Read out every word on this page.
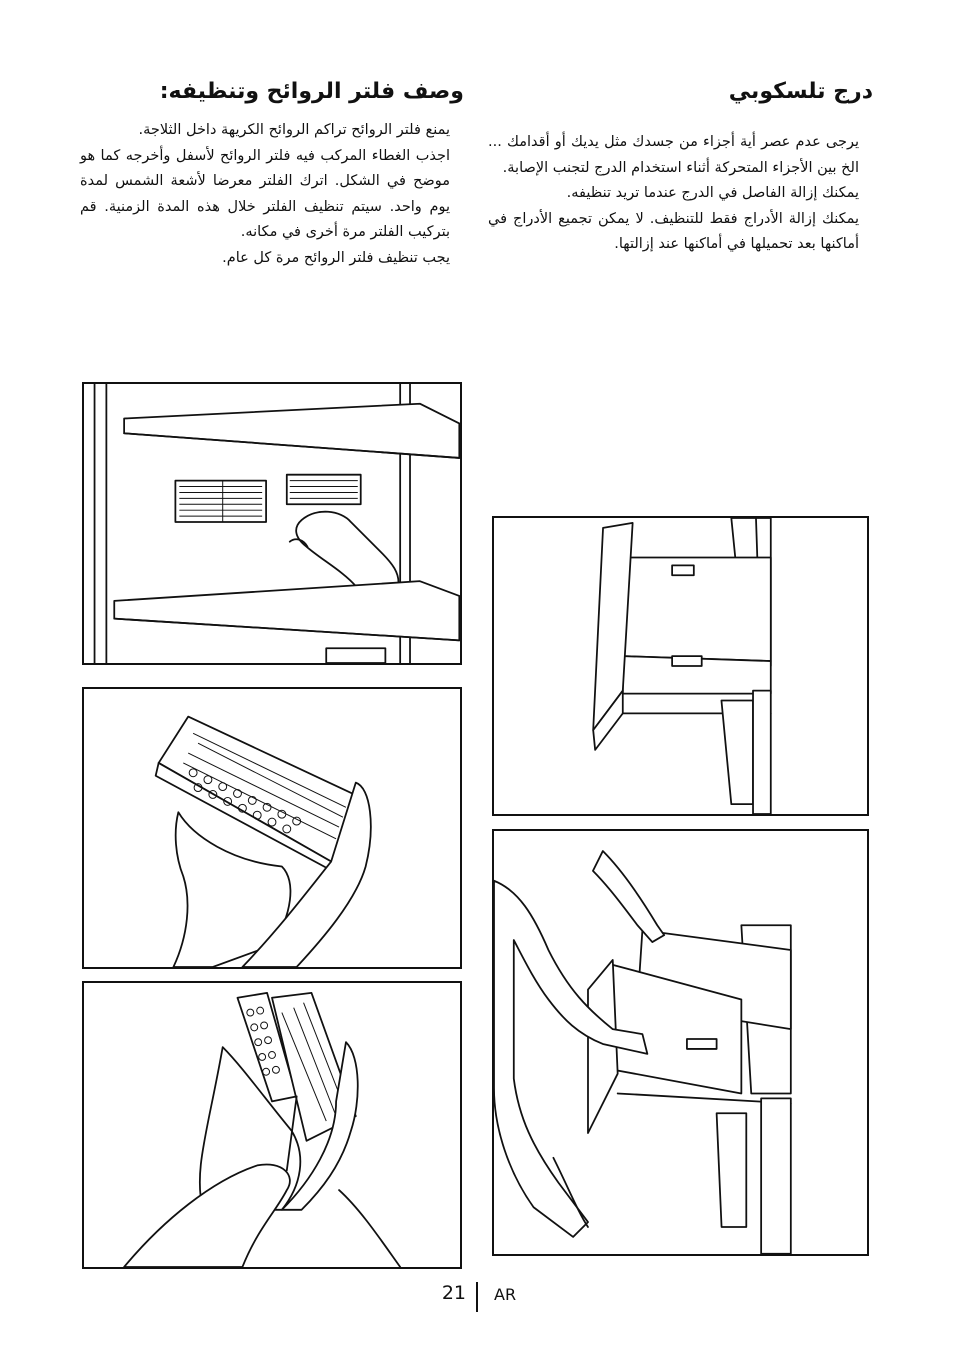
درج تلسكوبي

يرجى عدم عصر أية أجزاء من جسدك مثل يديك أو أقدامك ... الخ بين الأجزاء المتحركة أثناء استخدام الدرج لتجنب الإصابة.

يمكنك إزالة الفاصل في الدرج عندما تريد تنظيفه.

يمكنك إزالة الأدراج فقط للتنظيف. لا يمكن تجميع الأدراج في أماكنها بعد تحميلها في أماكنها عند إزالتها.

وصف فلتر الروائح وتنظيفه:

يمنع فلتر الروائح تراكم الروائح الكريهة داخل الثلاجة.

اجذب الغطاء المركب فيه فلتر الروائح لأسفل وأخرجه كما هو موضح في الشكل. اترك الفلتر معرضا لأشعة الشمس لمدة يوم واحد. سيتم تنظيف الفلتر خلال هذه المدة الزمنية. قم بتركيب الفلتر مرة أخرى في مكانه.

يجب تنظيف فلتر الروائح مرة كل عام.

21 AR
